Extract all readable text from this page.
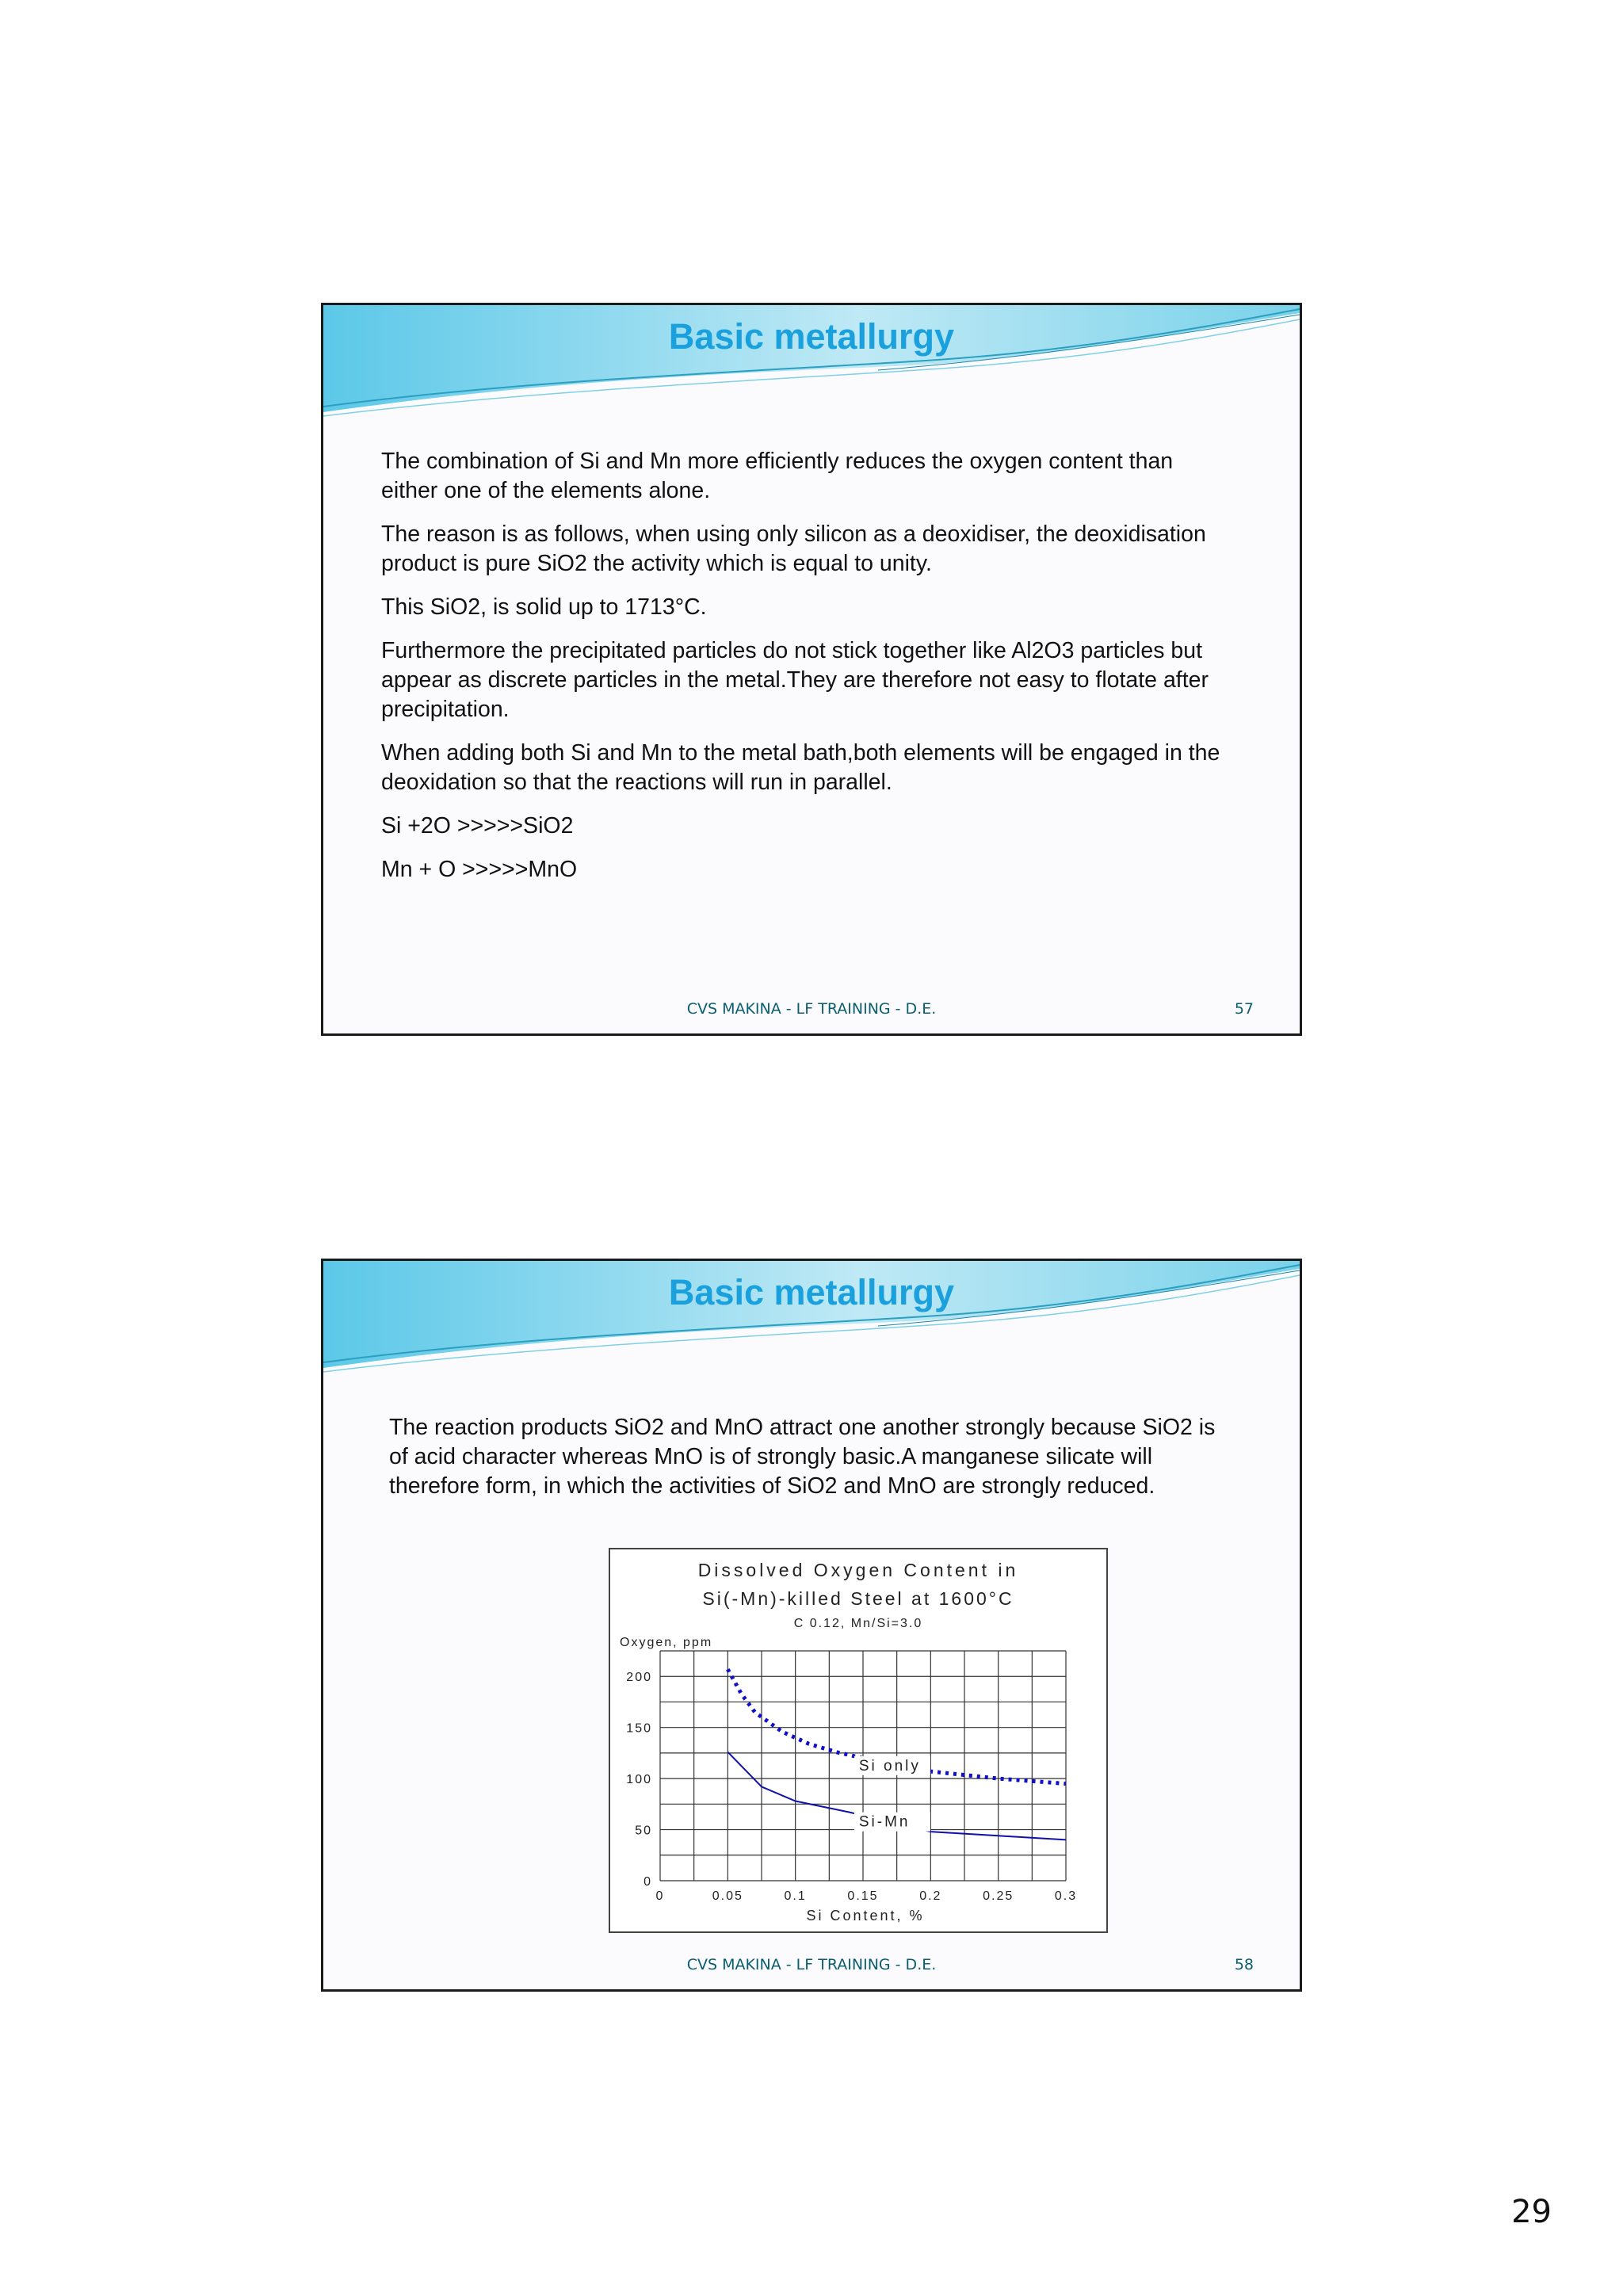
Basic metallurgy

The combination of Si and Mn more efficiently reduces the oxygen content than either one of the elements alone.

The reason is as follows, when using only silicon as a deoxidiser, the deoxidisation product is pure SiO2 the activity which is equal to unity.

This SiO2, is solid up to 1713°C.

Furthermore the precipitated particles do not stick together like Al2O3 particles but appear as discrete particles in the metal.They are therefore not easy to flotate after precipitation.

When adding both Si and Mn to the metal bath,both elements will be engaged in the deoxidation so that the reactions will run in parallel.

Si +2O >>>>>SiO2

Mn + O >>>>>MnO

CVS MAKINA - LF TRAINING - D.E.	57
Basic metallurgy

The reaction products SiO2 and MnO attract one another strongly because SiO2 is of acid character whereas MnO is of strongly basic.A manganese silicate will therefore form, in which the activities of SiO2 and MnO are strongly reduced.

Dissolved Oxygen Content in
Si(-Mn)-killed Steel at 1600°C
C 0.12, Mn/Si=3.0
Oxygen, ppm
Si Content, %
0	0.05	0.1	0.15	0.2	0.25	0.3
0
50
100
150
200
Si only
Si-Mn
CVS MAKINA - LF TRAINING - D.E.	58
29
